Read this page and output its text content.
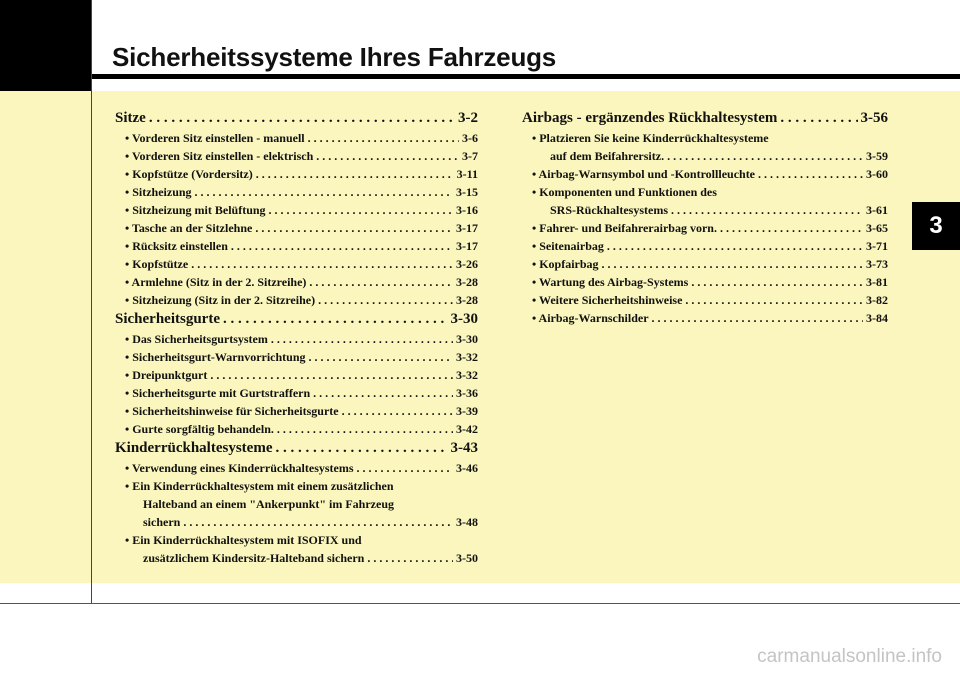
Sicherheitssysteme Ihres Fahrzeugs
3
Sitze . . .	3-2
• Vorderen Sitz einstellen - manuell . . .	3-6
• Vorderen Sitz einstellen - elektrisch . . .	3-7
• Kopfstütze (Vordersitz) . . .	3-11
• Sitzheizung . . .	3-15
• Sitzheizung mit Belüftung . . .	3-16
• Tasche an der Sitzlehne . . .	3-17
• Rücksitz einstellen . . .	3-17
• Kopfstütze . . .	3-26
• Armlehne (Sitz in der 2. Sitzreihe) . . .	3-28
• Sitzheizung (Sitz in der 2. Sitzreihe) . . .	3-28
Sicherheitsgurte . . .	3-30
• Das Sicherheitsgurtsystem . . .	3-30
• Sicherheitsgurt-Warnvorrichtung . . .	3-32
• Dreipunktgurt . . .	3-32
• Sicherheitsgurte mit Gurtstraffern . . .	3-36
• Sicherheitshinweise für Sicherheitsgurte . . .	3-39
• Gurte sorgfältig behandeln. . . .	3-42
Kinderrückhaltesysteme . . .	3-43
• Verwendung eines Kinderrückhaltesystems . . .	3-46
• Ein Kinderrückhaltesystem mit einem zusätzlichen
Halteband an einem "Ankerpunkt" im Fahrzeug
sichern . . .	3-48
• Ein Kinderrückhaltesystem mit ISOFIX und
zusätzlichem Kindersitz-Halteband sichern . . .	3-50
Airbags - ergänzendes Rückhaltesystem . . .	3-56
• Platzieren Sie keine Kinderrückhaltesysteme
auf dem Beifahrersitz. . . .	3-59
• Airbag-Warnsymbol und -Kontrollleuchte . . .	3-60
• Komponenten und Funktionen des
SRS-Rückhaltesystems . . .	3-61
• Fahrer- und Beifahrerairbag vorn. . . .	3-65
• Seitenairbag . . .	3-71
• Kopfairbag . . .	3-73
• Wartung des Airbag-Systems . . .	3-81
• Weitere Sicherheitshinweise . . .	3-82
• Airbag-Warnschilder . . .	3-84
carmanualsonline.info
